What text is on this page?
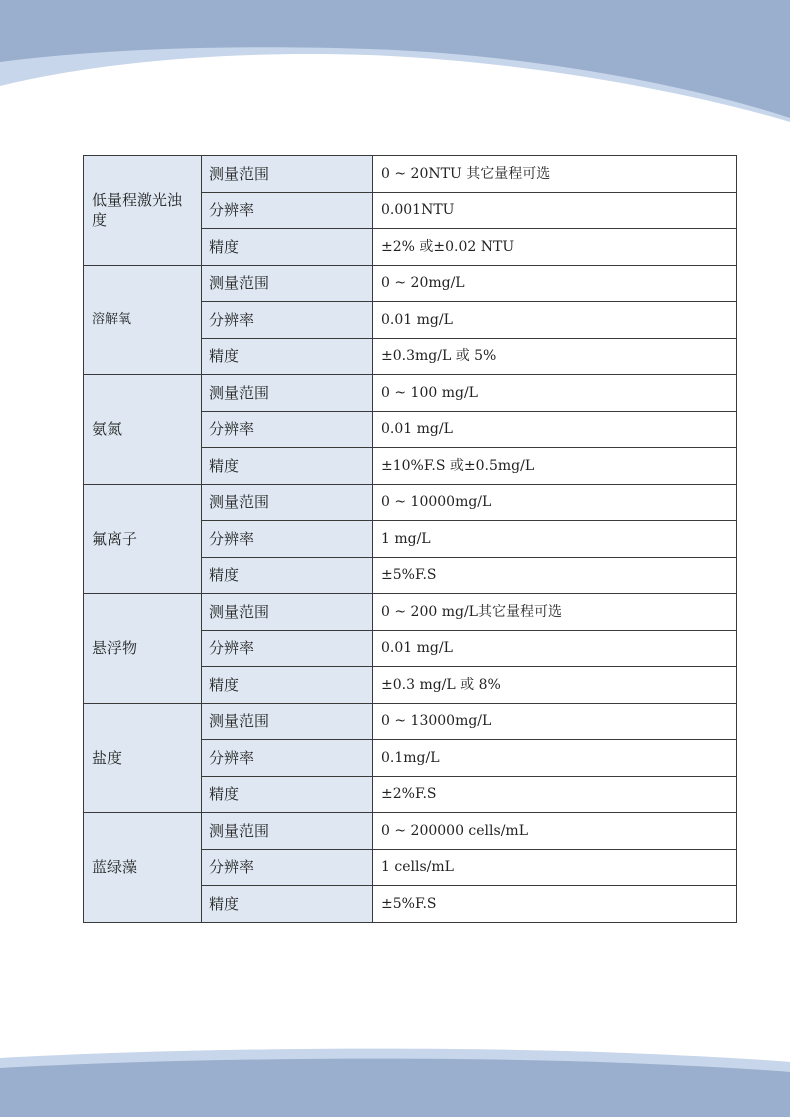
低量程激光浊度	测量范围	0 ~ 20NTU 其它量程可选
	分辨率	0.001NTU
	精度	±2% 或±0.02 NTU
溶解氧	测量范围	0 ~ 20mg/L
	分辨率	0.01 mg/L
	精度	±0.3mg/L 或 5%
氨氮	测量范围	0 ~ 100 mg/L
	分辨率	0.01 mg/L
	精度	±10%F.S 或±0.5mg/L
氟离子	测量范围	0 ~ 10000mg/L
	分辨率	1 mg/L
	精度	±5%F.S
悬浮物	测量范围	0 ~ 200 mg/L其它量程可选
	分辨率	0.01 mg/L
	精度	±0.3 mg/L 或 8%
盐度	测量范围	0 ~ 13000mg/L
	分辨率	0.1mg/L
	精度	±2%F.S
蓝绿藻	测量范围	0 ~ 200000 cells/mL
	分辨率	1 cells/mL
	精度	±5%F.S
